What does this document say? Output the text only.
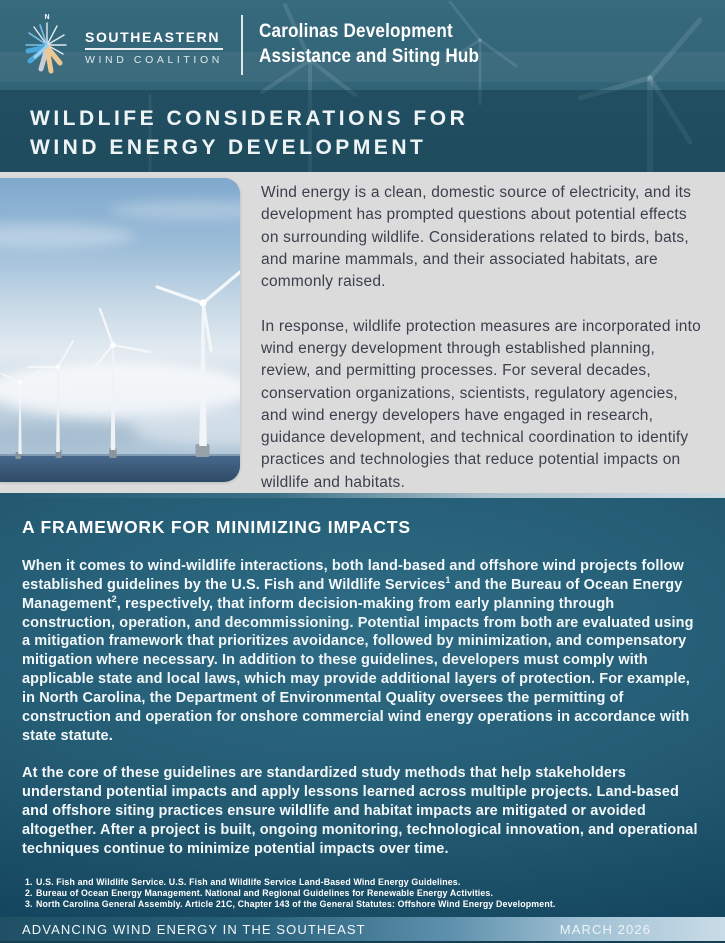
N
SOUTHEASTERN
WIND COALITION
Carolinas Development
Assistance and Siting Hub
WILDLIFE CONSIDERATIONS FOR
WIND ENERGY DEVELOPMENT

Wind energy is a clean, domestic source of electricity, and its development has prompted questions about potential effects on surrounding wildlife. Considerations related to birds, bats, and marine mammals, and their associated habitats, are commonly raised.

In response, wildlife protection measures are incorporated into wind energy development through established planning, review, and permitting processes. For several decades, conservation organizations, scientists, regulatory agencies, and wind energy developers have engaged in research, guidance development, and technical coordination to identify practices and technologies that reduce potential impacts on wildlife and habitats.

A FRAMEWORK FOR MINIMIZING IMPACTS

When it comes to wind-wildlife interactions, both land-based and offshore wind projects follow established guidelines by the U.S. Fish and Wildlife Services$^1$ and the Bureau of Ocean Energy Management$^2$, respectively, that inform decision-making from early planning through construction, operation, and decommissioning. Potential impacts from both are evaluated using a mitigation framework that prioritizes avoidance, followed by minimization, and compensatory mitigation where necessary. In addition to these guidelines, developers must comply with applicable state and local laws, which may provide additional layers of protection. For example, in North Carolina, the Department of Environmental Quality oversees the permitting of construction and operation for onshore commercial wind energy operations in accordance with state statute.

At the core of these guidelines are standardized study methods that help stakeholders understand potential impacts and apply lessons learned across multiple projects. Land-based and offshore siting practices ensure wildlife and habitat impacts are mitigated or avoided altogether. After a project is built, ongoing monitoring, technological innovation, and operational techniques continue to minimize potential impacts over time.

1. U.S. Fish and Wildlife Service. U.S. Fish and Wildlife Service Land-Based Wind Energy Guidelines.
2. Bureau of Ocean Energy Management. National and Regional Guidelines for Renewable Energy Activities.
3. North Carolina General Assembly. Article 21C, Chapter 143 of the General Statutes: Offshore Wind Energy Development.
ADVANCING WIND ENERGY IN THE SOUTHEAST	MARCH 2026
